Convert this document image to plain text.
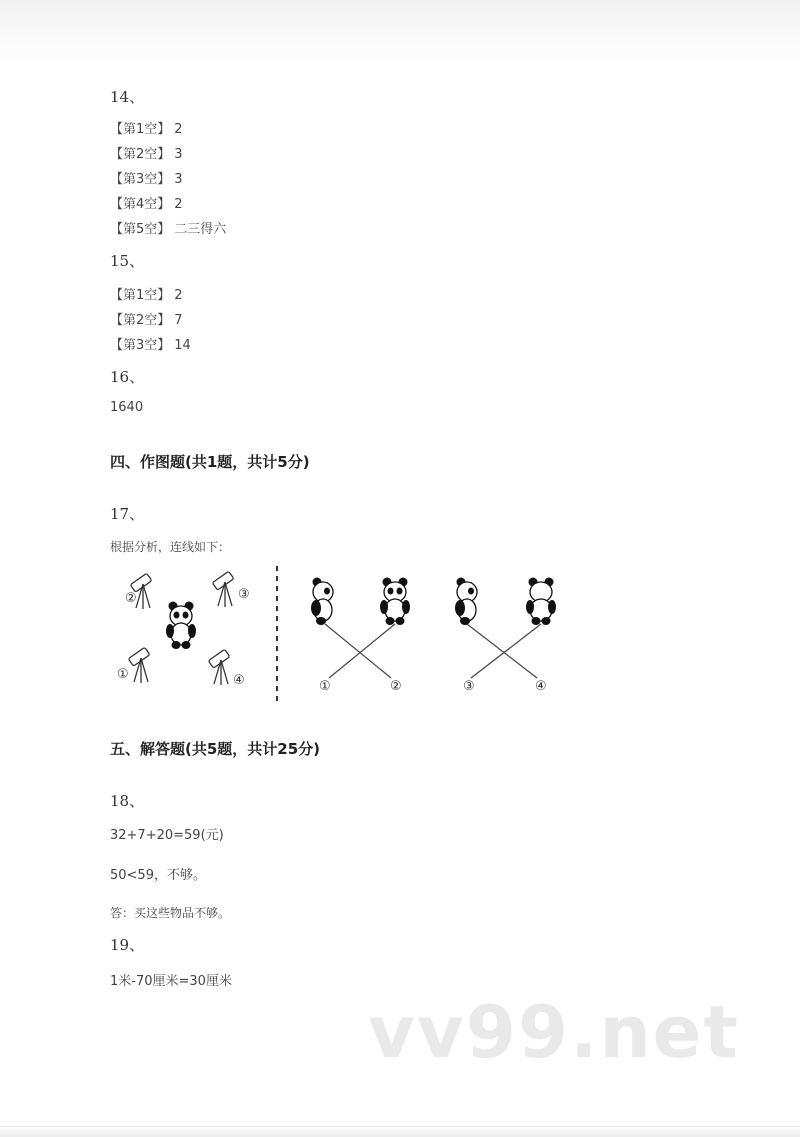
14、
【第1空】 2
【第2空】 3
【第3空】 3
【第4空】 2
【第5空】 二三得六
15、
【第1空】 2
【第2空】 7
【第3空】 14
16、
1640
四、作图题(共1题，共计5分)
17、
根据分析，连线如下：
②	③
①	④	①	②	③	④
五、解答题(共5题，共计25分)
18、
32+7+20=59(元)
50<59，不够。
答：买这些物品不够。
19、
1米-70厘米=30厘米
vv99.net
